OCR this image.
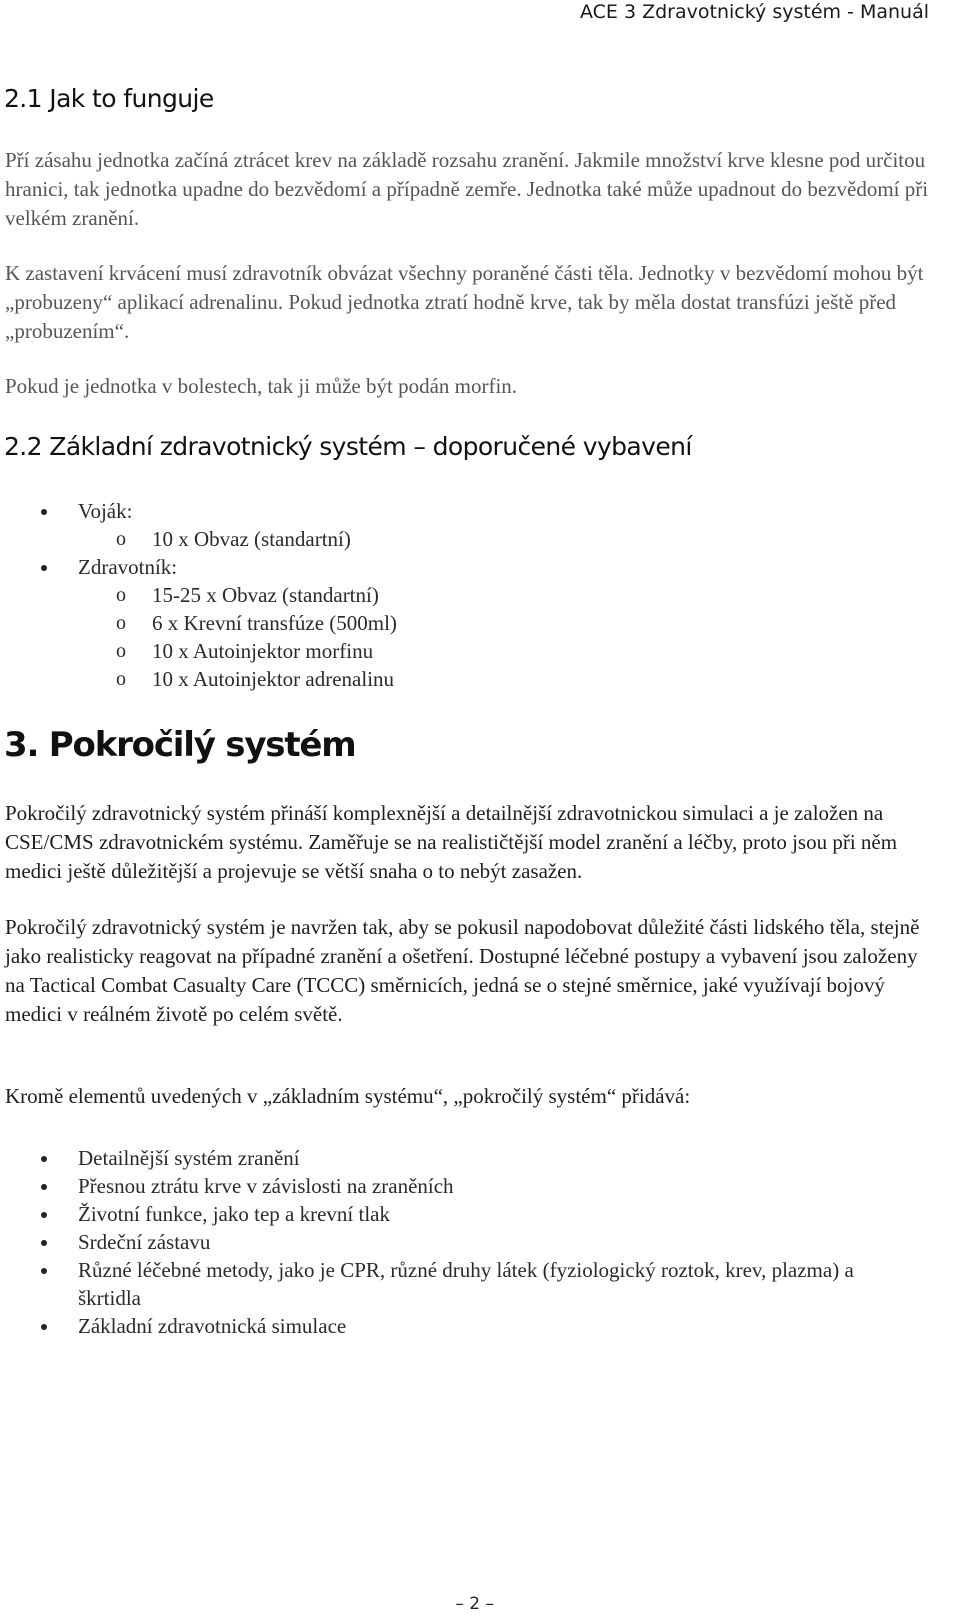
ACE 3 Zdravotnický systém - Manuál
2.1 Jak to funguje

Pří zásahu jednotka začíná ztrácet krev na základě rozsahu zranění. Jakmile množství krve klesne pod určitou hranici, tak jednotka upadne do bezvědomí a případně zemře. Jednotka také může upadnout do bezvědomí při velkém zranění.

K zastavení krvácení musí zdravotník obvázat všechny poraněné části těla. Jednotky v bezvědomí mohou být „probuzeny“ aplikací adrenalinu. Pokud jednotka ztratí hodně krve, tak by měla dostat transfúzi ještě před „probuzením“.

Pokud je jednotka v bolestech, tak ji může být podán morfin.

2.2 Základní zdravotnický systém – doporučené vybavení
Voják:
o 10 x Obvaz (standartní)
Zdravotník:
o 15-25 x Obvaz (standartní)
o 6 x Krevní transfúze (500ml)
o 10 x Autoinjektor morfinu
o 10 x Autoinjektor adrenalinu
3. Pokročilý systém

Pokročilý zdravotnický systém přináší komplexnější a detailnější zdravotnickou simulaci a je založen na CSE/CMS zdravotnickém systému. Zaměřuje se na realističtější model zranění a léčby, proto jsou při něm medici ještě důležitější a projevuje se větší snaha o to nebýt zasažen.

Pokročilý zdravotnický systém je navržen tak, aby se pokusil napodobovat důležité části lidského těla, stejně jako realisticky reagovat na případné zranění a ošetření. Dostupné léčebné postupy a vybavení jsou založeny na Tactical Combat Casualty Care (TCCC) směrnicích, jedná se o stejné směrnice, jaké využívají bojový medici v reálném životě po celém světě.

Kromě elementů uvedených v „základním systému“, „pokročilý systém“ přidává:

Detailnější systém zranění
Přesnou ztrátu krve v závislosti na zraněních
Životní funkce, jako tep a krevní tlak
Srdeční zástavu
Různé léčebné metody, jako je CPR, různé druhy látek (fyziologický roztok, krev, plazma) a škrtidla
Základní zdravotnická simulace
– 2 –
